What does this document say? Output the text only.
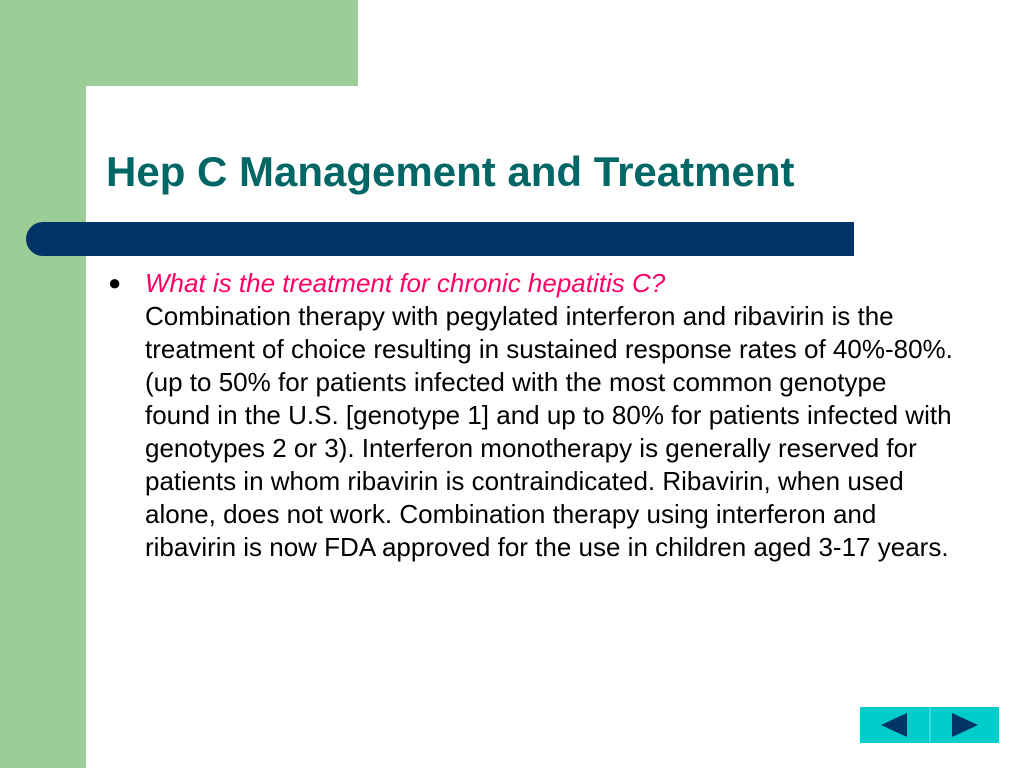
Hep C Management and Treatment
● What is the treatment for chronic hepatitis C?
Combination therapy with pegylated interferon and ribavirin is the treatment of choice resulting in sustained response rates of 40%-80%. (up to 50% for patients infected with the most common genotype found in the U.S. [genotype 1] and up to 80% for patients infected with genotypes 2 or 3). Interferon monotherapy is generally reserved for patients in whom ribavirin is contraindicated. Ribavirin, when used alone, does not work. Combination therapy using interferon and ribavirin is now FDA approved for the use in children aged 3-17 years.
